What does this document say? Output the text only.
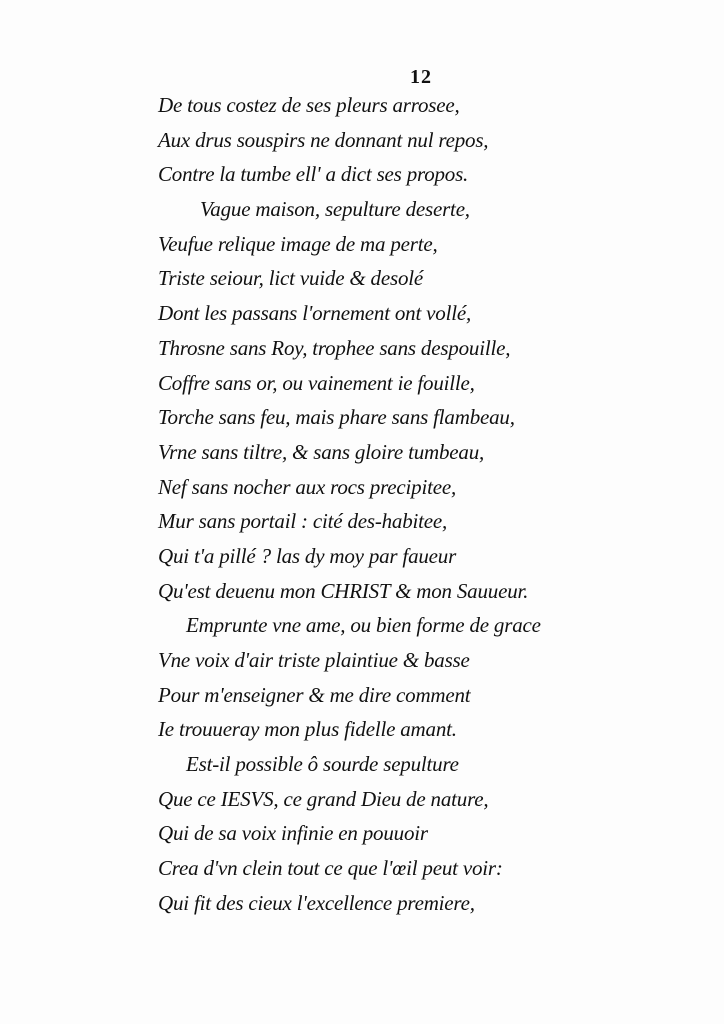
12
De tous costez de ses pleurs arrosee,
Aux drus souspirs ne donnant nul repos,
Contre la tumbe ell' a dict ses propos.
Vague maison, sepulture deserte,
Veufue relique image de ma perte,
Triste seiour, lict vuide & desolé
Dont les passans l'ornement ont vollé,
Throsne sans Roy, trophee sans despouille,
Coffre sans or, ou vainement ie fouille,
Torche sans feu, mais phare sans flambeau,
Vrne sans tiltre, & sans gloire tumbeau,
Nef sans nocher aux rocs precipitee,
Mur sans portail : cité des-habitee,
Qui t'a pillé ? las dy moy par faueur
Qu'est deuenu mon CHRIST & mon Sauueur.
Emprunte vne ame, ou bien forme de grace
Vne voix d'air triste plaintiue & basse
Pour m'enseigner & me dire comment
Ie trouueray mon plus fidelle amant.
Est-il possible ô sourde sepulture
Que ce IESVS, ce grand Dieu de nature,
Qui de sa voix infinie en pouuoir
Crea d'vn clein tout ce que l'œil peut voir:
Qui fit des cieux l'excellence premiere,
